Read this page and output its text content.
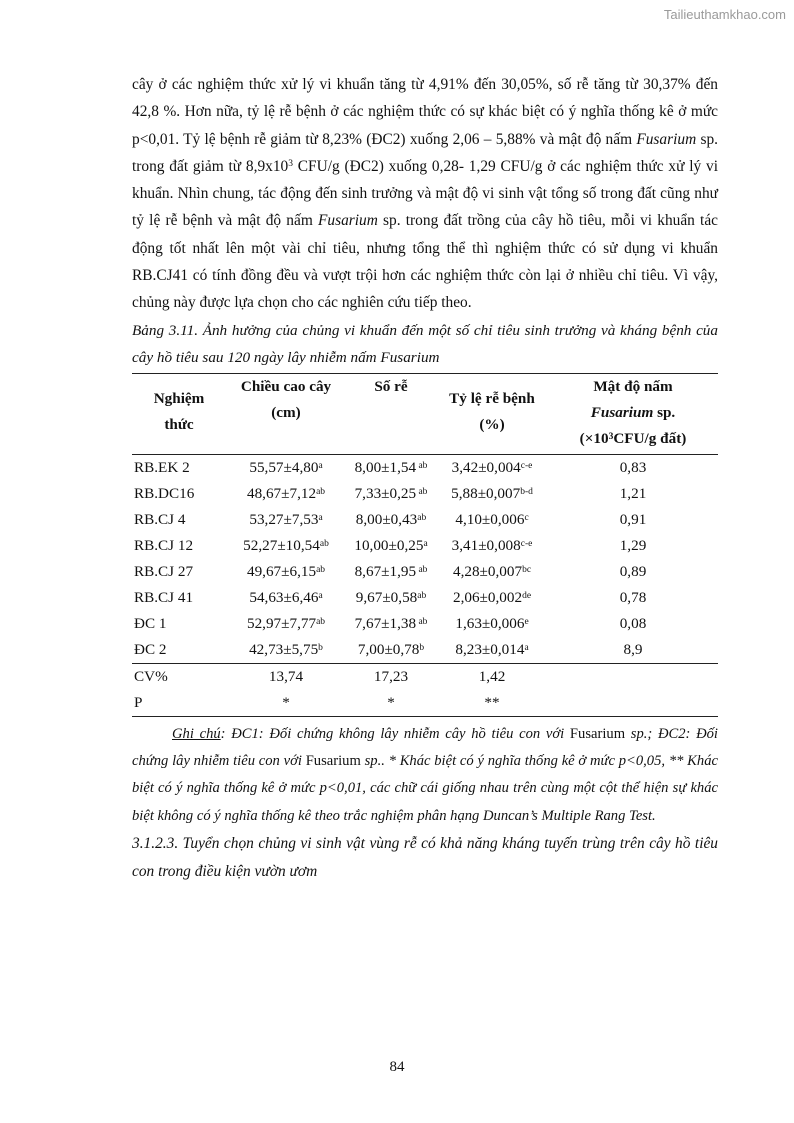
Tailieuthamkhao.com

cây ở các nghiệm thức xử lý vi khuẩn tăng từ 4,91% đến 30,05%, số rễ tăng từ 30,37% đến 42,8 %. Hơn nữa, tỷ lệ rễ bệnh ở các nghiệm thức có sự khác biệt có ý nghĩa thống kê ở mức p<0,01. Tỷ lệ bệnh rễ giảm từ 8,23% (ĐC2) xuống 2,06 – 5,88% và mật độ nấm Fusarium sp. trong đất giảm từ $8,9x10^3$ CFU/g (ĐC2) xuống 0,28- 1,29 CFU/g ở các nghiệm thức xử lý vi khuẩn. Nhìn chung, tác động đến sinh trưởng và mật độ vi sinh vật tổng số trong đất cũng như tỷ lệ rễ bệnh và mật độ nấm Fusarium sp. trong đất trồng của cây hồ tiêu, mỗi vi khuẩn tác động tốt nhất lên một vài chỉ tiêu, nhưng tổng thể thì nghiệm thức có sử dụng vi khuẩn RB.CJ41 có tính đồng đều và vượt trội hơn các nghiệm thức còn lại ở nhiều chỉ tiêu. Vì vậy, chủng này được lựa chọn cho các nghiên cứu tiếp theo.

Bảng 3.11. Ảnh hưởng của chủng vi khuẩn đến một số chỉ tiêu sinh trưởng và kháng bệnh của cây hồ tiêu sau 120 ngày lây nhiễm nấm Fusarium

Nghiệm
thức	Chiều cao cây
(cm)	Số rễ	Tỷ lệ rễ bệnh
(%)	Mật độ nấm
Fusarium sp.
($\times 10^3CFU/g$ đất)
RB.EK 2	55,57±4,80$^a$	8,00±1,54 $^{ab}$	$3,42\pm 0,004^{c-e}$	0,83
RB.DC16	48,67±7,12$^{ab}$	7,33±0,25 $^{ab}$	$5,88\pm 0,007^{b-d}$	1,21
RB.CJ 4	53,27±7,53$^a$	8,00±0,43$^{ab}$	4,10±0,006$^c$	0,91
RB.CJ 12	52,27±10,54$^{ab}$	10,00±0,25$^a$	$3,41\pm 0,008^{c-e}$	1,29
RB.CJ 27	49,67±6,15$^{ab}$	8,67±1,95 $^{ab}$	4,28±0,007$^{bc}$	0,89
RB.CJ 41	54,63±6,46$^a$	9,67±0,58$^{ab}$	2,06±0,002de	0,78
ĐC 1	52,97±7,77$^{ab}$	7,67±1,38 $^{ab}$	1,63±0,006$^e$	0,08
ĐC 2	42,73±5,75$^b$	7,00±0,78$^b$	8,23±0,014$^a$	8,9
CV%	13,74	17,23	1,42	
P	*	*	**	

Ghi chú: ĐC1: Đối chứng không lây nhiễm cây hồ tiêu con với Fusarium sp.; ĐC2: Đối chứng lây nhiễm tiêu con với Fusarium sp.. * Khác biệt có ý nghĩa thống kê ở mức p<0,05, ** Khác biệt có ý nghĩa thống kê ở mức p<0,01, các chữ cái giống nhau trên cùng một cột thể hiện sự khác biệt không có ý nghĩa thống kê theo trắc nghiệm phân hạng Duncan’s Multiple Rang Test.

3.1.2.3. Tuyển chọn chủng vi sinh vật vùng rễ có khả năng kháng tuyến trùng trên cây hồ tiêu con trong điều kiện vườn ươm

84
